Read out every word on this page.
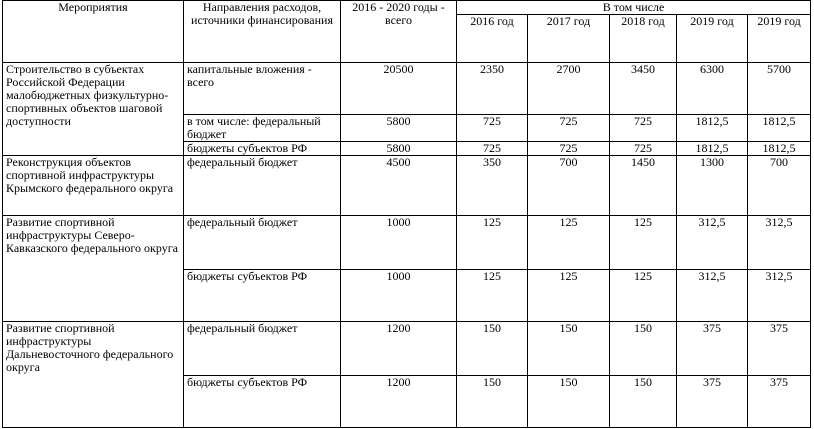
Мероприятия	Направления расходов, источники финансирования	2016 - 2020 годы - всего	В том числе				
			2016 год	2017 год	2018 год	2019 год	2019 год
Строительство в субъектах Российской Федерации малобюджетных физкультурно-спортивных объектов шаговой доступности	капитальные вложения - всего	20500	2350	2700	3450	6300	5700
	в том числе: федеральный бюджет	5800	725	725	725	1812,5	1812,5
	бюджеты субъектов РФ	5800	725	725	725	1812,5	1812,5
Реконструкция объектов спортивной инфраструктуры Крымского федерального округа	федеральный бюджет	4500	350	700	1450	1300	700
Развитие спортивной инфраструктуры Северо-Кавказского федерального округа	федеральный бюджет	1000	125	125	125	312,5	312,5
	бюджеты субъектов РФ	1000	125	125	125	312,5	312,5
Развитие спортивной инфраструктуры Дальневосточного федерального округа	федеральный бюджет	1200	150	150	150	375	375
	бюджеты субъектов РФ	1200	150	150	150	375	375
